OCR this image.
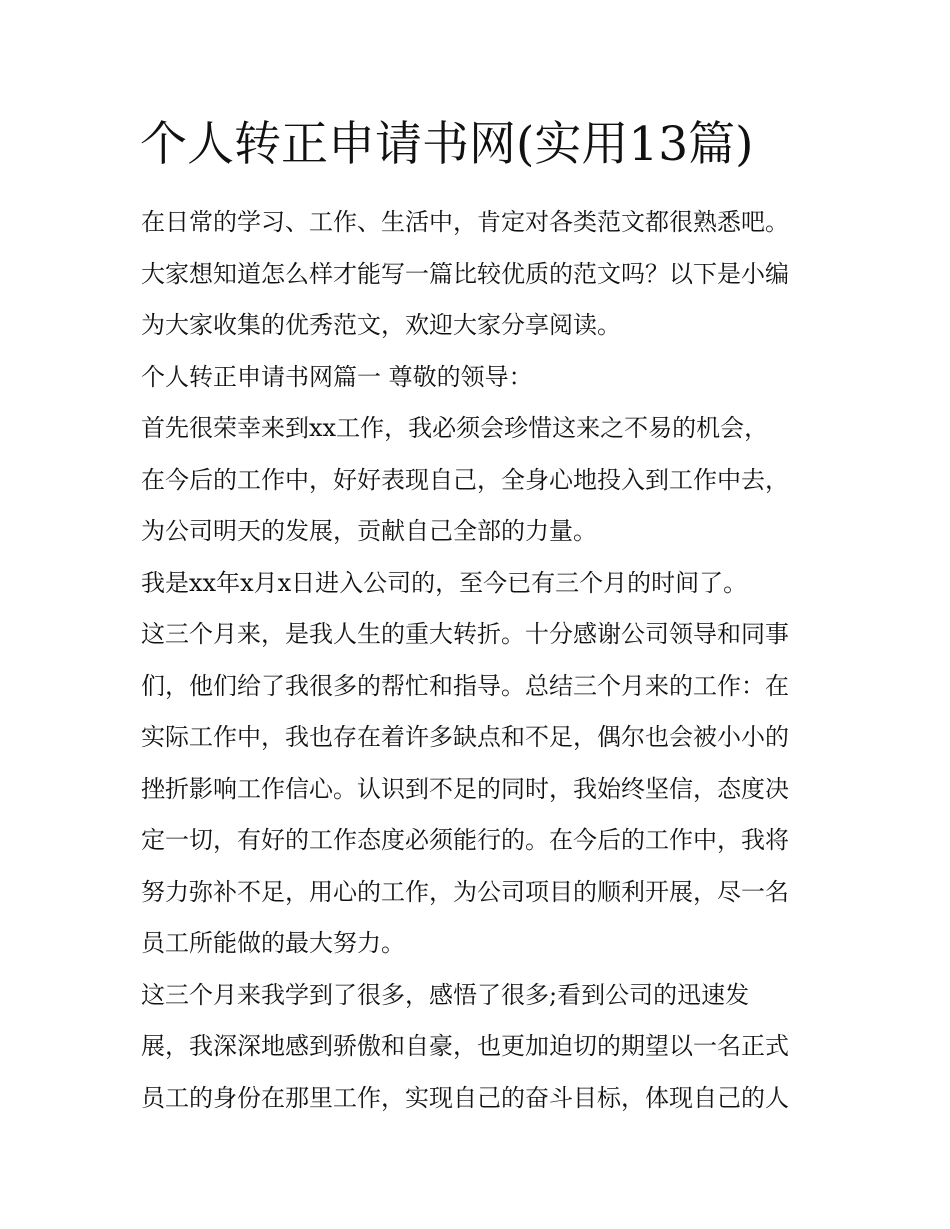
个人转正申请书网(实用13篇)
在日常的学习、工作、生活中，肯定对各类范文都很熟悉吧。
大家想知道怎么样才能写一篇比较优质的范文吗？以下是小编
为大家收集的优秀范文，欢迎大家分享阅读。
个人转正申请书网篇一 尊敬的领导：
首先很荣幸来到xx工作，我必须会珍惜这来之不易的机会，
在今后的工作中，好好表现自己，全身心地投入到工作中去，
为公司明天的发展，贡献自己全部的力量。
我是xx年x月x日进入公司的，至今已有三个月的时间了。
这三个月来，是我人生的重大转折。十分感谢公司领导和同事
们，他们给了我很多的帮忙和指导。总结三个月来的工作：在
实际工作中，我也存在着许多缺点和不足，偶尔也会被小小的
挫折影响工作信心。认识到不足的同时，我始终坚信，态度决
定一切，有好的工作态度必须能行的。在今后的工作中，我将
努力弥补不足，用心的工作，为公司项目的顺利开展，尽一名
员工所能做的最大努力。
这三个月来我学到了很多，感悟了很多;看到公司的迅速发
展，我深深地感到骄傲和自豪，也更加迫切的期望以一名正式
员工的身份在那里工作，实现自己的奋斗目标，体现自己的人
